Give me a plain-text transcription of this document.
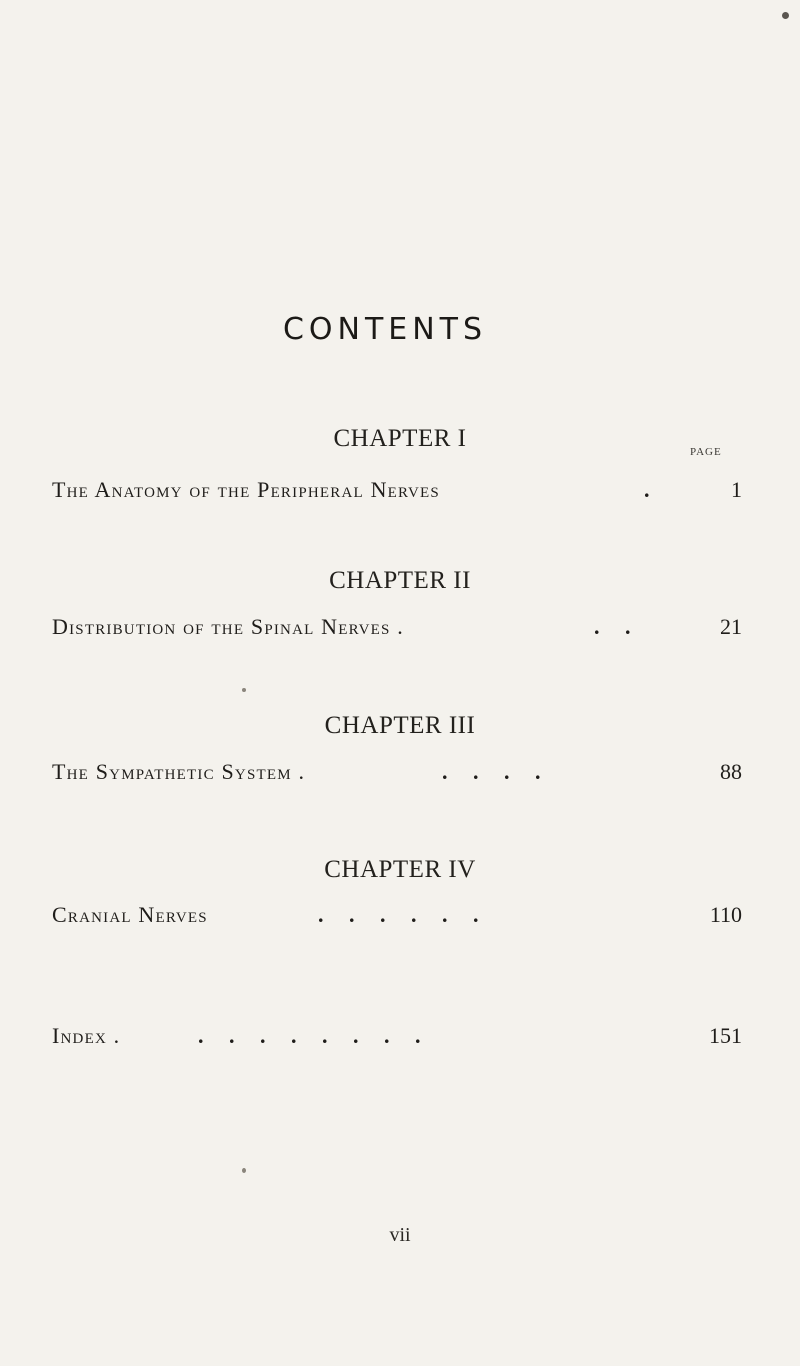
CONTENTS
PAGE
CHAPTER I
The Anatomy of the Peripheral Nerves	.	1
CHAPTER II
Distribution of the Spinal Nerves .	. .	21
CHAPTER III
The Sympathetic System .	. . . .	88
CHAPTER IV
Cranial Nerves	. . . . . .	110
Index .	. . . . . . . .	151
vii
